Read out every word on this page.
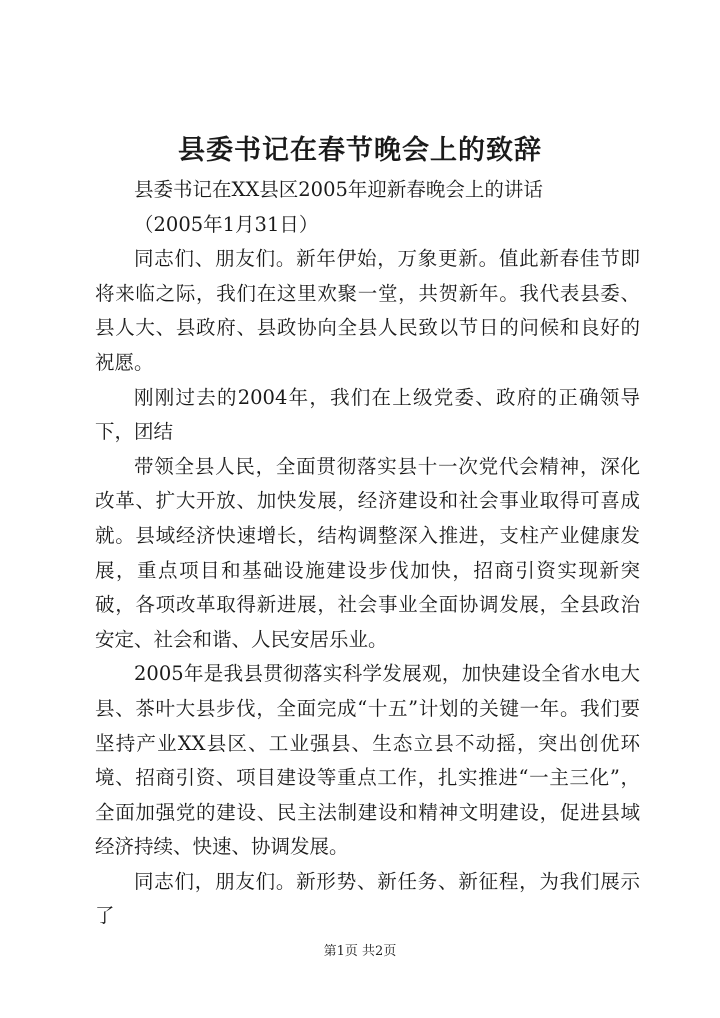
县委书记在春节晚会上的致辞

县委书记在XX县区2005年迎新春晚会上的讲话

（2005年1月31日）

同志们、朋友们。新年伊始，万象更新。值此新春佳节即将来临之际，我们在这里欢聚一堂，共贺新年。我代表县委、县人大、县政府、县政协向全县人民致以节日的问候和良好的祝愿。

刚刚过去的2004年，我们在上级党委、政府的正确领导下，团结

带领全县人民，全面贯彻落实县十一次党代会精神，深化改革、扩大开放、加快发展，经济建设和社会事业取得可喜成就。县域经济快速增长，结构调整深入推进，支柱产业健康发展，重点项目和基础设施建设步伐加快，招商引资实现新突破，各项改革取得新进展，社会事业全面协调发展，全县政治安定、社会和谐、人民安居乐业。

2005年是我县贯彻落实科学发展观，加快建设全省水电大县、茶叶大县步伐，全面完成“十五”计划的关键一年。我们要坚持产业XX县区、工业强县、生态立县不动摇，突出创优环境、招商引资、项目建设等重点工作，扎实推进“一主三化”，全面加强党的建设、民主法制建设和精神文明建设，促进县域经济持续、快速、协调发展。

同志们，朋友们。新形势、新任务、新征程，为我们展示了

第1页 共2页
